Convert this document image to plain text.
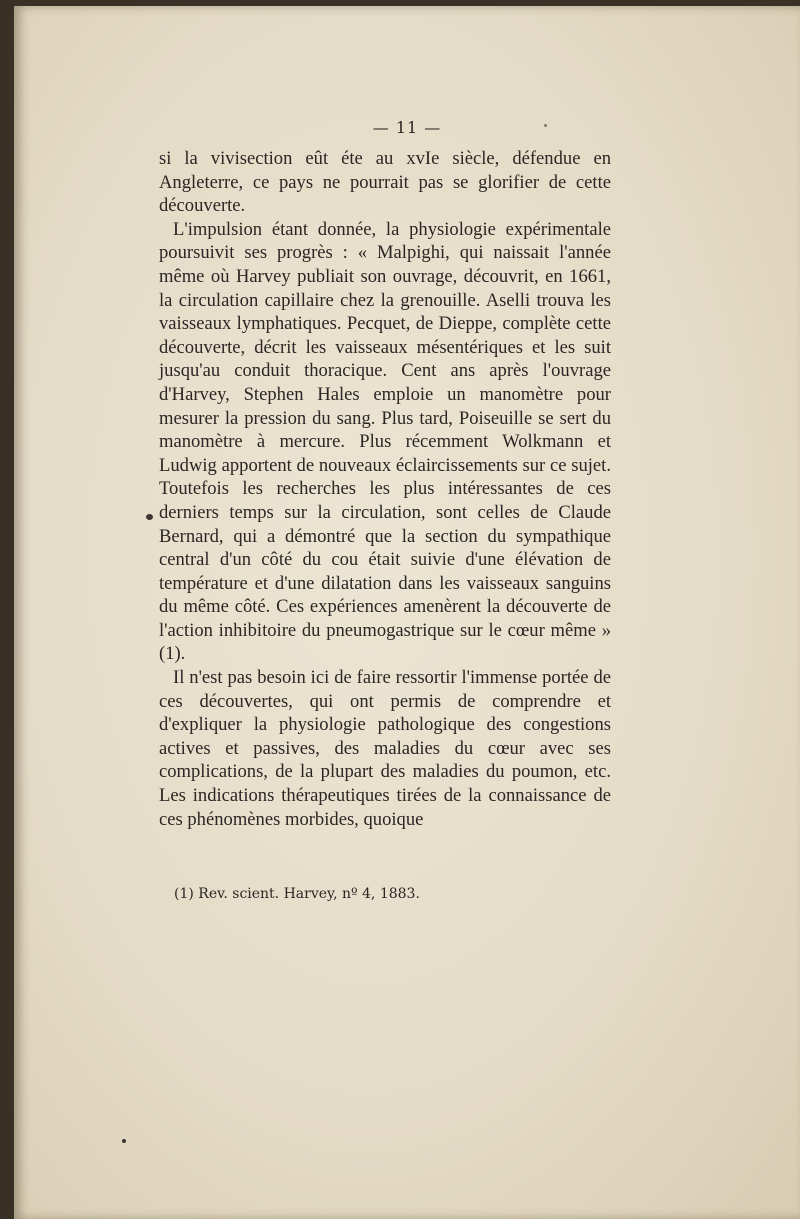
— 11 —

si la vivisection eût éte au xvIe siècle, défendue en Angleterre, ce pays ne pourrait pas se glorifier de cette découverte.

L'impulsion étant donnée, la physiologie expérimentale poursuivit ses progrès : « Malpighi, qui naissait l'année même où Harvey publiait son ouvrage, découvrit, en 1661, la circulation capillaire chez la grenouille. Aselli trouva les vaisseaux lymphatiques. Pecquet, de Dieppe, complète cette découverte, décrit les vaisseaux mésentériques et les suit jusqu'au conduit thoracique. Cent ans après l'ouvrage d'Harvey, Stephen Hales emploie un manomètre pour mesurer la pression du sang. Plus tard, Poiseuille se sert du manomètre à mercure. Plus récemment Wolkmann et Ludwig apportent de nouveaux éclaircissements sur ce sujet. Toutefois les recherches les plus intéressantes de ces derniers temps sur la circulation, sont celles de Claude Bernard, qui a démontré que la section du sympathique central d'un côté du cou était suivie d'une élévation de température et d'une dilatation dans les vaisseaux sanguins du même côté. Ces expériences amenèrent la découverte de l'action inhibitoire du pneumogastrique sur le cœur même » (1).

Il n'est pas besoin ici de faire ressortir l'immense portée de ces découvertes, qui ont permis de comprendre et d'expliquer la physiologie pathologique des congestions actives et passives, des maladies du cœur avec ses complications, de la plupart des maladies du poumon, etc. Les indications thérapeutiques tirées de la connaissance de ces phénomènes morbides, quoique

(1) Rev. scient. Harvey, nº 4, 1883.
